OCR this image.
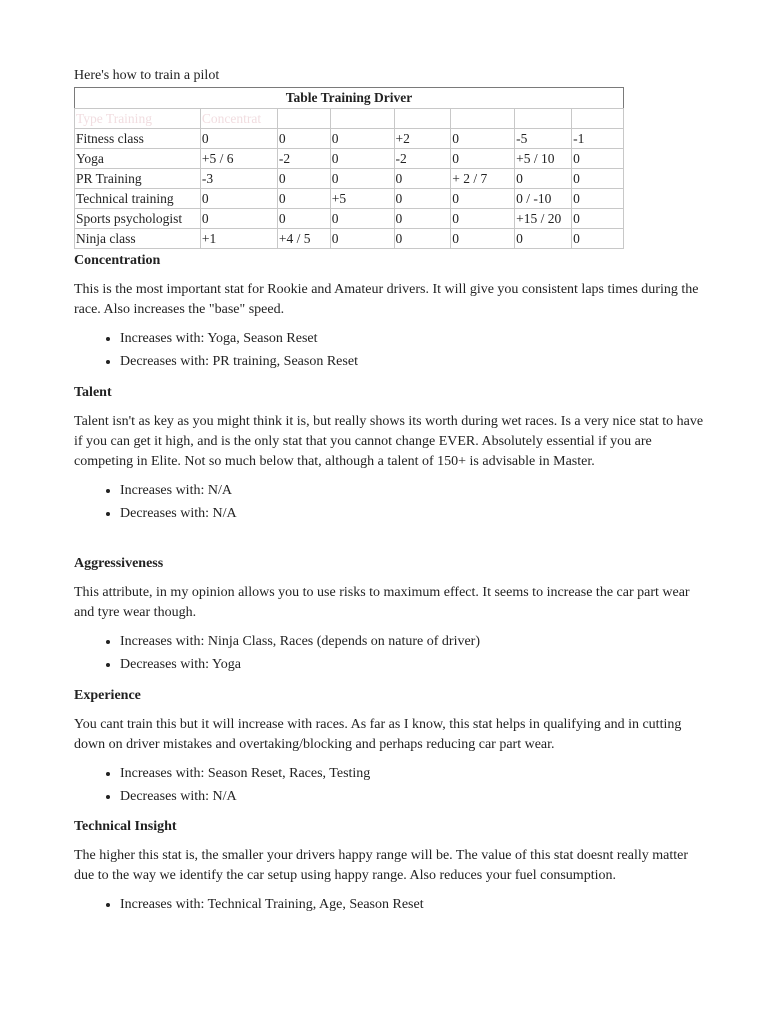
Here's how to train a pilot

Table Training Driver
Type Training	Concentrat						
Fitness class	0	0	0	+2	0	-5	-1
Yoga	+5 / 6	-2	0	-2	0	+5 / 10	0
PR Training	-3	0	0	0	+ 2 / 7	0	0
Technical training	0	0	+5	0	0	0 / -10	0
Sports psychologist	0	0	0	0	0	+15 / 20	0
Ninja class	+1	+4 / 5	0	0	0	0	0
Concentration

This is the most important stat for Rookie and Amateur drivers. It will give you consistent laps times during the race. Also increases the "base" speed.

• Increases with: Yoga, Season Reset
• Decreases with: PR training, Season Reset
Talent

Talent isn't as key as you might think it is, but really shows its worth during wet races. Is a very nice stat to have if you can get it high, and is the only stat that you cannot change EVER. Absolutely essential if you are competing in Elite. Not so much below that, although a talent of 150+ is advisable in Master.

• Increases with: N/A
• Decreases with: N/A
Aggressiveness

This attribute, in my opinion allows you to use risks to maximum effect. It seems to increase the car part wear and tyre wear though.

• Increases with: Ninja Class, Races (depends on nature of driver)
• Decreases with: Yoga
Experience

You cant train this but it will increase with races. As far as I know, this stat helps in qualifying and in cutting down on driver mistakes and overtaking/blocking and perhaps reducing car part wear.

• Increases with: Season Reset, Races, Testing
• Decreases with: N/A
Technical Insight

The higher this stat is, the smaller your drivers happy range will be. The value of this stat doesnt really matter due to the way we identify the car setup using happy range. Also reduces your fuel consumption.

• Increases with: Technical Training, Age, Season Reset
